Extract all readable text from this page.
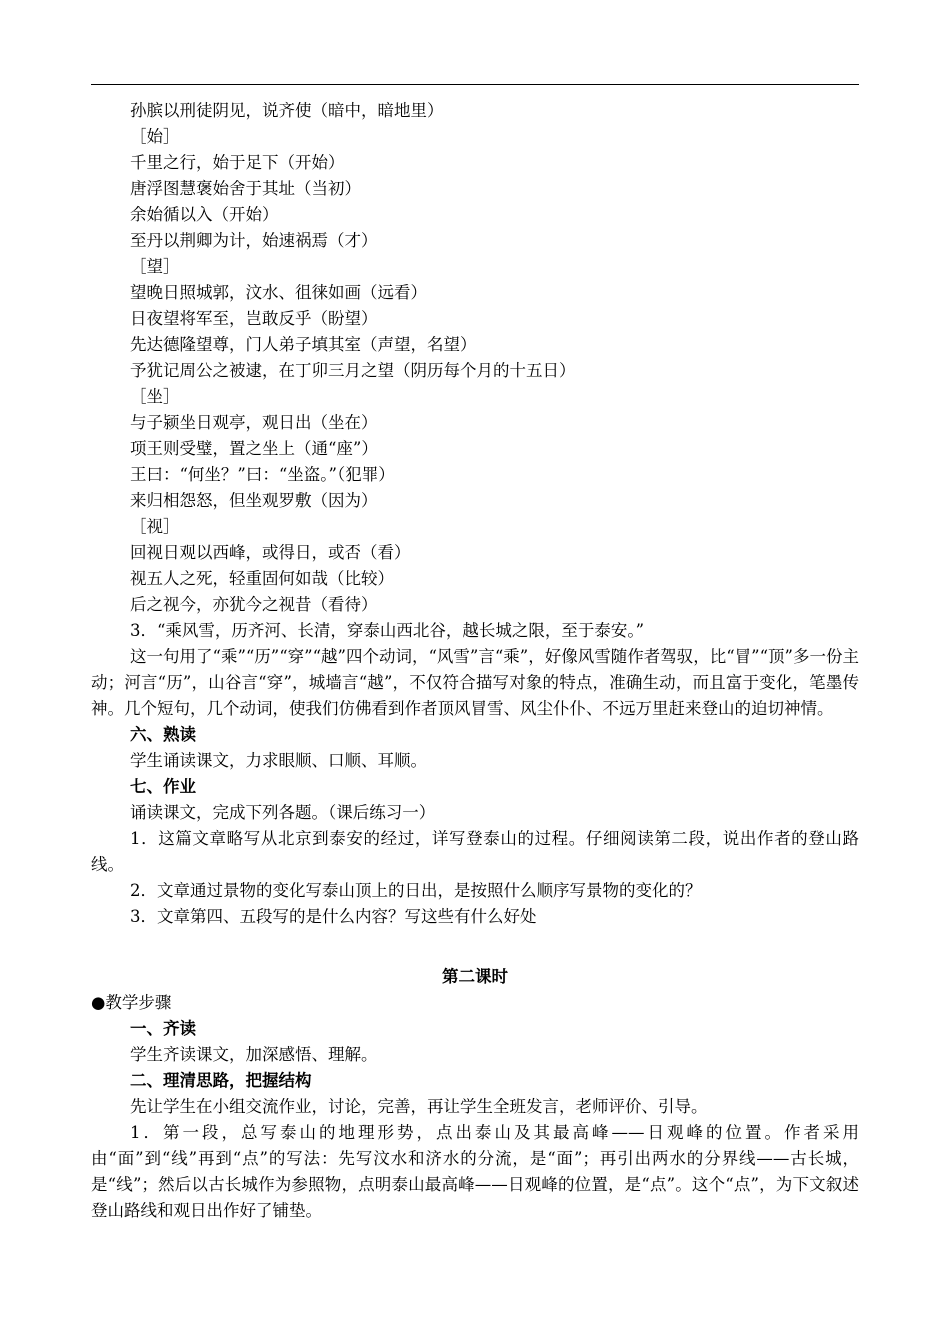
孙膑以刑徒阴见，说齐使（暗中，暗地里）
［始］
千里之行，始于足下（开始）
唐浮图慧褒始舍于其址（当初）
余始循以入（开始）
至丹以荆卿为计，始速祸焉（才）
［望］
望晚日照城郭，汶水、徂徕如画（远看）
日夜望将军至，岂敢反乎（盼望）
先达德隆望尊，门人弟子填其室（声望，名望）
予犹记周公之被逮，在丁卯三月之望（阴历每个月的十五日）
［坐］
与子颍坐日观亭，观日出（坐在）
项王则受璧，置之坐上（通“座”）
王曰：“何坐？”曰：“坐盗。”（犯罪）
来归相怨怒，但坐观罗敷（因为）
［视］
回视日观以西峰，或得日，或否（看）
视五人之死，轻重固何如哉（比较）
后之视今，亦犹今之视昔（看待）
3．“乘风雪，历齐河、长清，穿泰山西北谷，越长城之限，至于泰安。”
这一句用了“乘”“历”“穿”“越”四个动词，“风雪”言“乘”，好像风雪随作者驾驭，比“冒”“顶”多一份主动；河言“历”，山谷言“穿”，城墙言“越”，不仅符合描写对象的特点，准确生动，而且富于变化，笔墨传神。几个短句，几个动词，使我们仿佛看到作者顶风冒雪、风尘仆仆、不远万里赶来登山的迫切神情。
六、熟读
学生诵读课文，力求眼顺、口顺、耳顺。
七、作业
诵读课文，完成下列各题。（课后练习一）
1．这篇文章略写从北京到泰安的经过，详写登泰山的过程。仔细阅读第二段，说出作者的登山路线。
2．文章通过景物的变化写泰山顶上的日出，是按照什么顺序写景物的变化的？
3．文章第四、五段写的是什么内容？写这些有什么好处
第二课时
●教学步骤
一、齐读
学生齐读课文，加深感悟、理解。
二、理清思路，把握结构
先让学生在小组交流作业，讨论，完善，再让学生全班发言，老师评价、引导。
1．第一段，总写泰山的地理形势，点出泰山及其最高峰——日观峰的位置。作者采用由“面”到“线”再到“点”的写法：先写汶水和济水的分流，是“面”；再引出两水的分界线——古长城，是“线”；然后以古长城作为参照物，点明泰山最高峰——日观峰的位置，是“点”。这个“点”，为下文叙述登山路线和观日出作好了铺垫。
